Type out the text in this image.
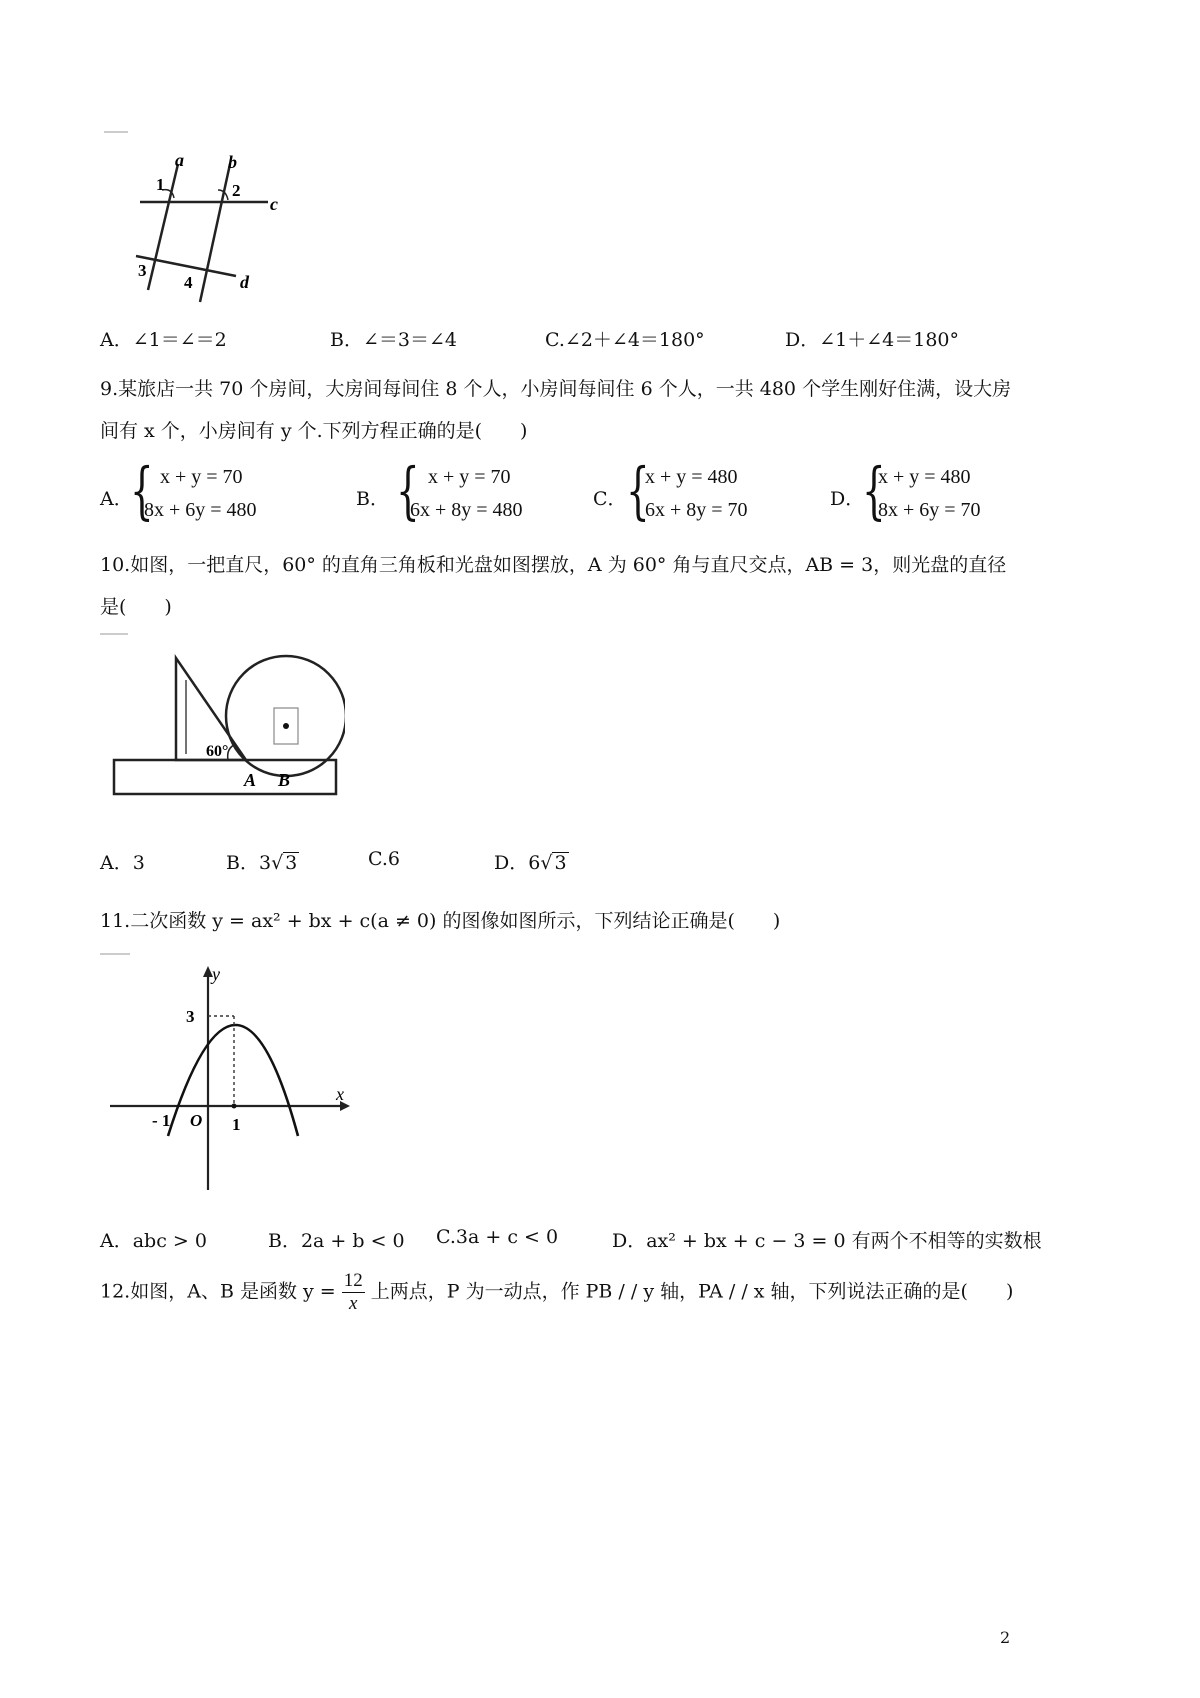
a b
c
d
1	2
3
4
A．∠1＝∠＝2	B．∠＝3＝∠4	C.∠2＋∠4＝180°	D．∠1＋∠4＝180°
9.某旅店一共 70 个房间，大房间每间住 8 个人，小房间每间住 6 个人，一共 480 个学生刚好住满，设大房
间有 x 个，小房间有 y 个.下列方程正确的是(　　)
A．
{ x + y = 70
8x + 6y = 480	B． { x + y = 70
6x + 8y = 480	C． {
x + y = 480
6x + 8y = 70	D．
{
x + y = 480
8x + 6y = 70
10.如图，一把直尺，60° 的直角三角板和光盘如图摆放，A 为 60° 角与直尺交点，AB = 3，则光盘的直径
是(　　)
60°
A B
A．3	B．3√ 3	C.6	D．6√ 3
11.二次函数 y = ax² + bx + c(a ≠ 0) 的图像如图所示，下列结论正确是(　　)
y
x
3
- 1 O 1
A．abc > 0	B．2a + b < 0 C.3a + c < 0	D．ax² + bx + c − 3 = 0 有两个不相等的实数根
12.如图，A、B 是函数 $y = \frac{12}{x}$ 上两点，P 为一动点，作 PB / / y 轴，PA / / x 轴，下列说法正确的是(　　)
2
